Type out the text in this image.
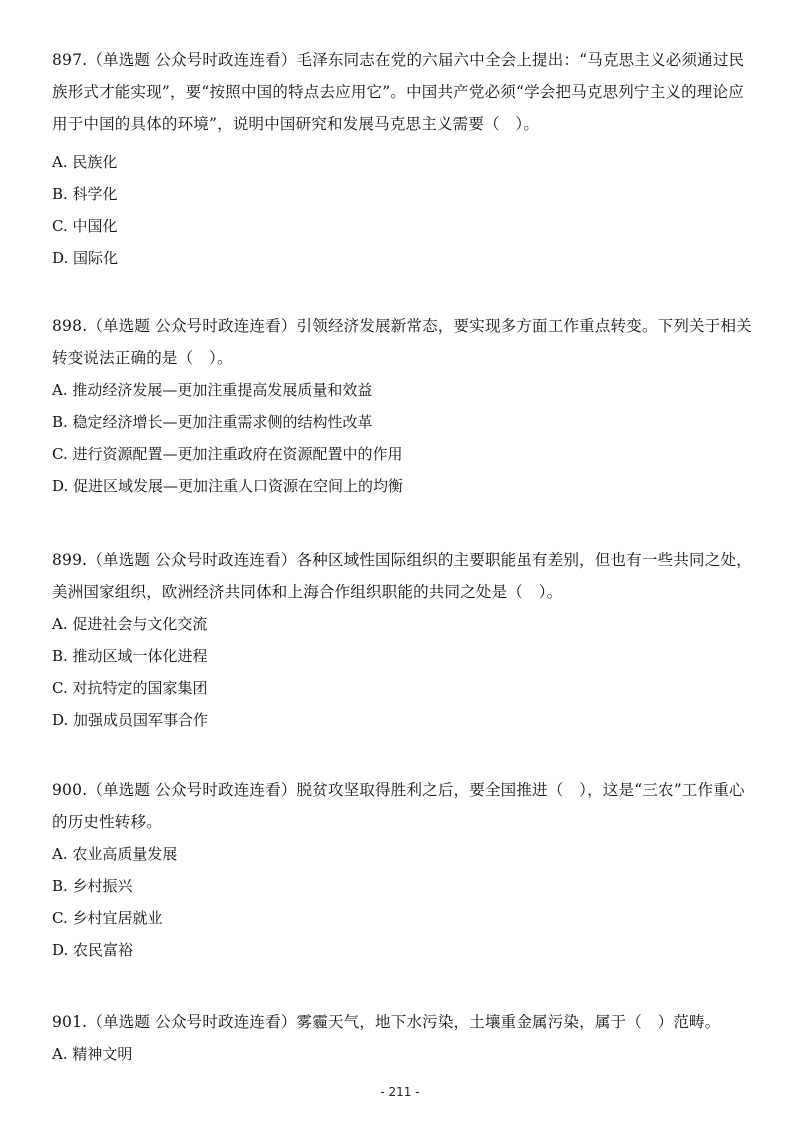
897.（单选题 公众号时政连连看）毛泽东同志在党的六届六中全会上提出：“马克思主义必须通过民族形式才能实现”，要“按照中国的特点去应用它”。中国共产党必须“学会把马克思列宁主义的理论应用于中国的具体的环境”，说明中国研究和发展马克思主义需要（　）。

A. 民族化

B. 科学化

C. 中国化

D. 国际化

898.（单选题 公众号时政连连看）引领经济发展新常态，要实现多方面工作重点转变。下列关于相关转变说法正确的是（　）。

A. 推动经济发展—更加注重提高发展质量和效益

B. 稳定经济增长—更加注重需求侧的结构性改革

C. 进行资源配置—更加注重政府在资源配置中的作用

D. 促进区域发展—更加注重人口资源在空间上的均衡

899.（单选题 公众号时政连连看）各种区域性国际组织的主要职能虽有差别，但也有一些共同之处，美洲国家组织，欧洲经济共同体和上海合作组织职能的共同之处是（　）。

A. 促进社会与文化交流

B. 推动区域一体化进程

C. 对抗特定的国家集团

D. 加强成员国军事合作

900.（单选题 公众号时政连连看）脱贫攻坚取得胜利之后，要全国推进（　），这是“三农”工作重心的历史性转移。

A. 农业高质量发展

B. 乡村振兴

C. 乡村宜居就业

D. 农民富裕

901.（单选题 公众号时政连连看）雾霾天气，地下水污染，土壤重金属污染，属于（　）范畴。

A. 精神文明

- 211 -
